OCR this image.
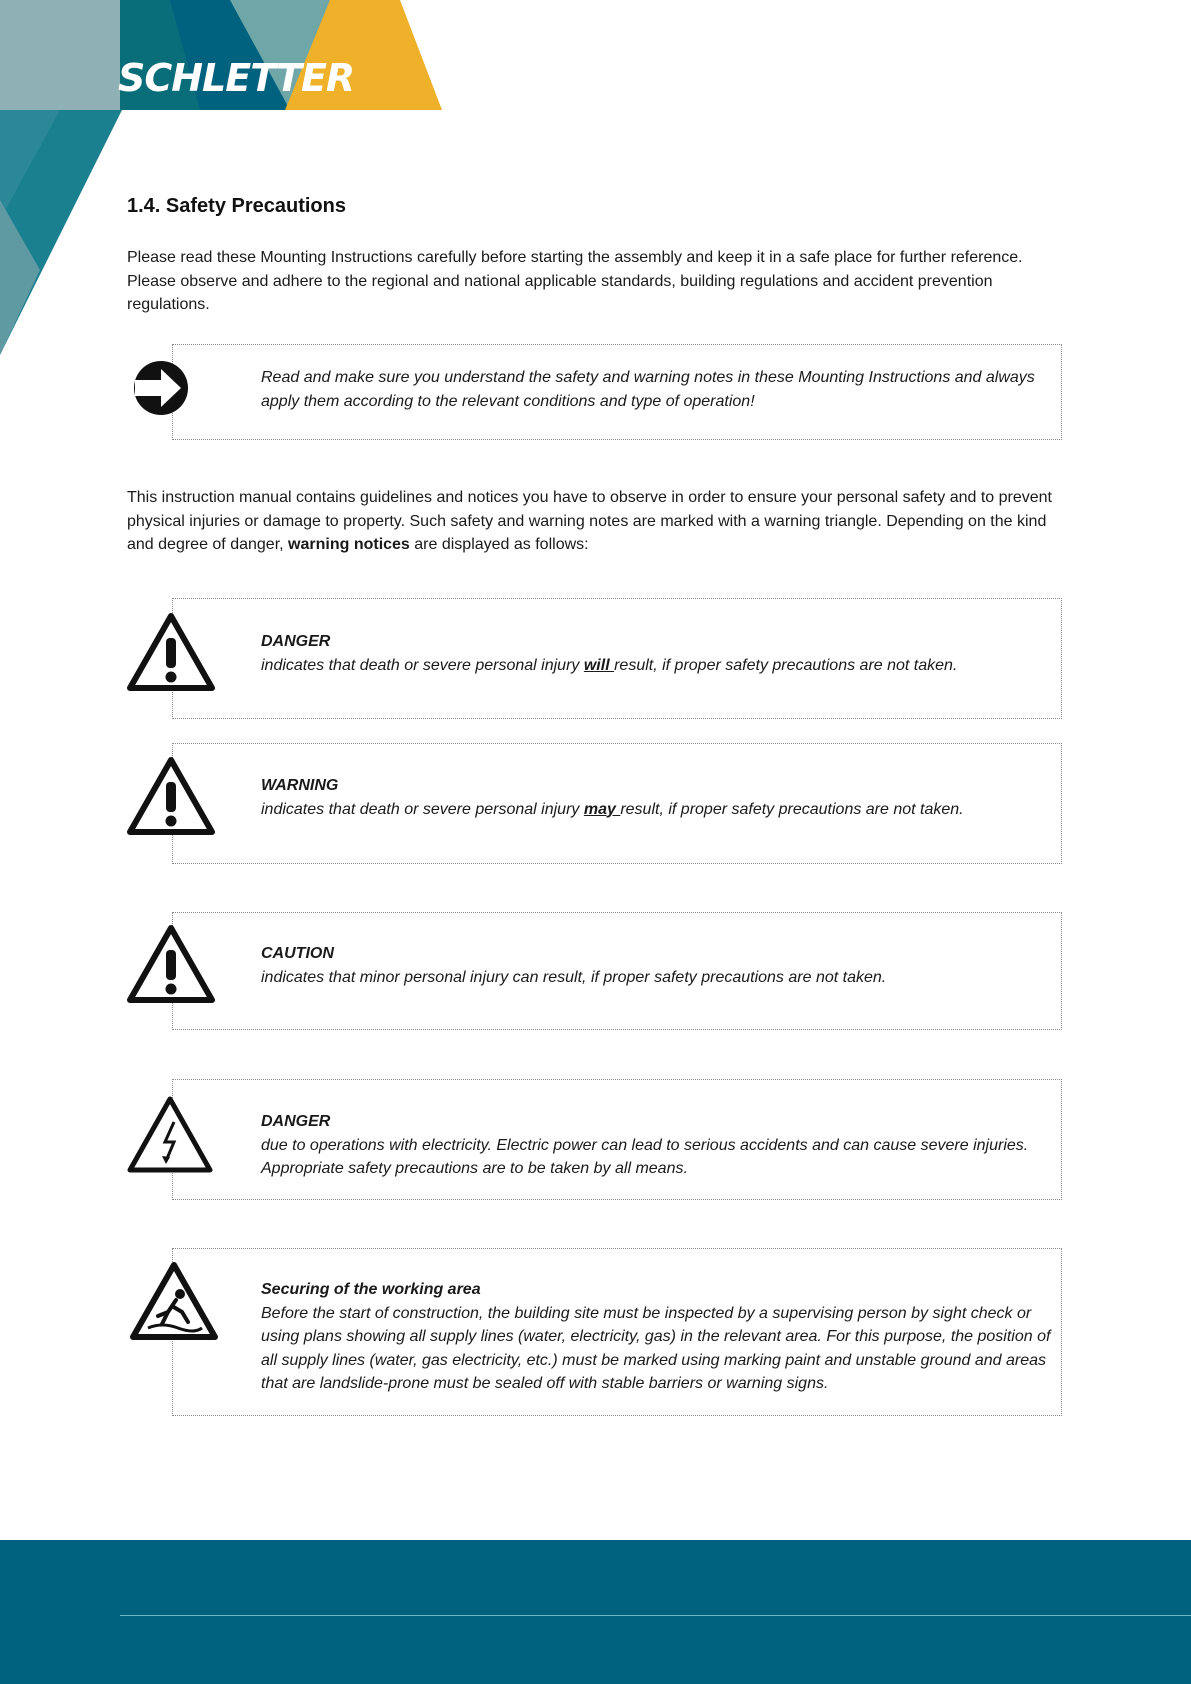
SCHLETTER
1.4. Safety Precautions

Please read these Mounting Instructions carefully before starting the assembly and keep it in a safe place for further reference. Please observe and adhere to the regional and national applicable standards, building regulations and accident prevention regulations.

Read and make sure you understand the safety and warning notes in these Mounting Instructions and always apply them according to the relevant conditions and type of operation!

This instruction manual contains guidelines and notices you have to observe in order to ensure your personal safety and to prevent physical injuries or damage to property. Such safety and warning notes are marked with a warning triangle. Depending on the kind and degree of danger, warning notices are displayed as follows:

DANGER
indicates that death or severe personal injury will result, if proper safety precautions are not taken.

WARNING
indicates that death or severe personal injury may result, if proper safety precautions are not taken.

CAUTION
indicates that minor personal injury can result, if proper safety precautions are not taken.

DANGER
due to operations with electricity. Electric power can lead to serious accidents and can cause severe injuries. Appropriate safety precautions are to be taken by all means.

Securing of the working area
Before the start of construction, the building site must be inspected by a supervising person by sight check or using plans showing all supply lines (water, electricity, gas) in the relevant area. For this purpose, the position of all supply lines (water, gas electricity, etc.) must be marked using marking paint and unstable ground and areas that are landslide-prone must be sealed off with stable barriers or warning signs.
